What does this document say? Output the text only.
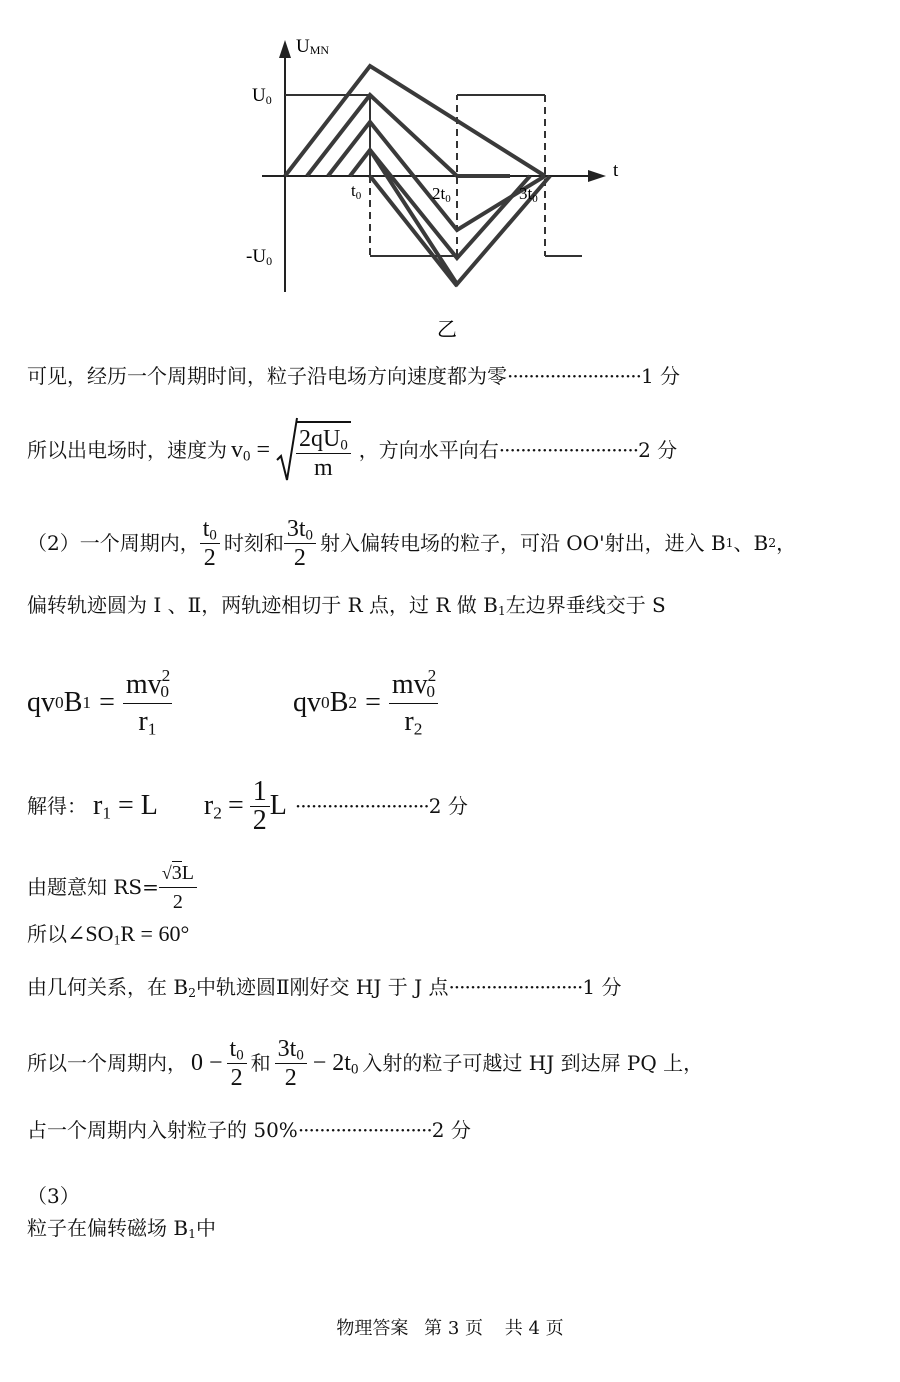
UMN
t
U0
-U0
t0	2t0	3t0
乙
可见，经历一个周期时间，粒子沿电场方向速度都为零·························1 分
所以出电场时，速度为 $v_0 = \frac{2qU_0}{m}$ ，方向水平向右 ·························· 2 分
（2）一个周期内， $\frac{t_0}{2}$ 时刻和 $\frac{3t_0}{2}$ 射入偏转电场的粒子，可沿 OO'射出，进入 B 1 、B 2 ，
偏转轨迹圆为 Ⅰ 、Ⅱ，两轨迹相切于 R 点，过 R 做 $B_1$左边界垂线交于 S
qv 0 B $1 = \frac{mv^2_0}{r_1}$	qv 0 B $2 = \frac{mv^2_0}{r_2}$
解得： $r_1 = L$ $r_2 = \frac{1}{2}$ L ························· 2 分
由题意知 $RS= \frac{√3L}{2}$
所以$\angle SO_1R = 60^\circ$
由几何关系，在 $B_2$中轨迹圆Ⅱ刚好交 HJ 于 J 点·························1 分
所以一个周期内， $0 - \frac{t_0}{2}$ 和 $\frac{3t_0}{2} - 2t_0$ 入射的粒子可越过 HJ 到达屏 PQ 上，
占一个周期内入射粒子的 50%·························2 分
（3）
粒子在偏转磁场 $B_1$中
物理答案 第 3 页 共 4 页
